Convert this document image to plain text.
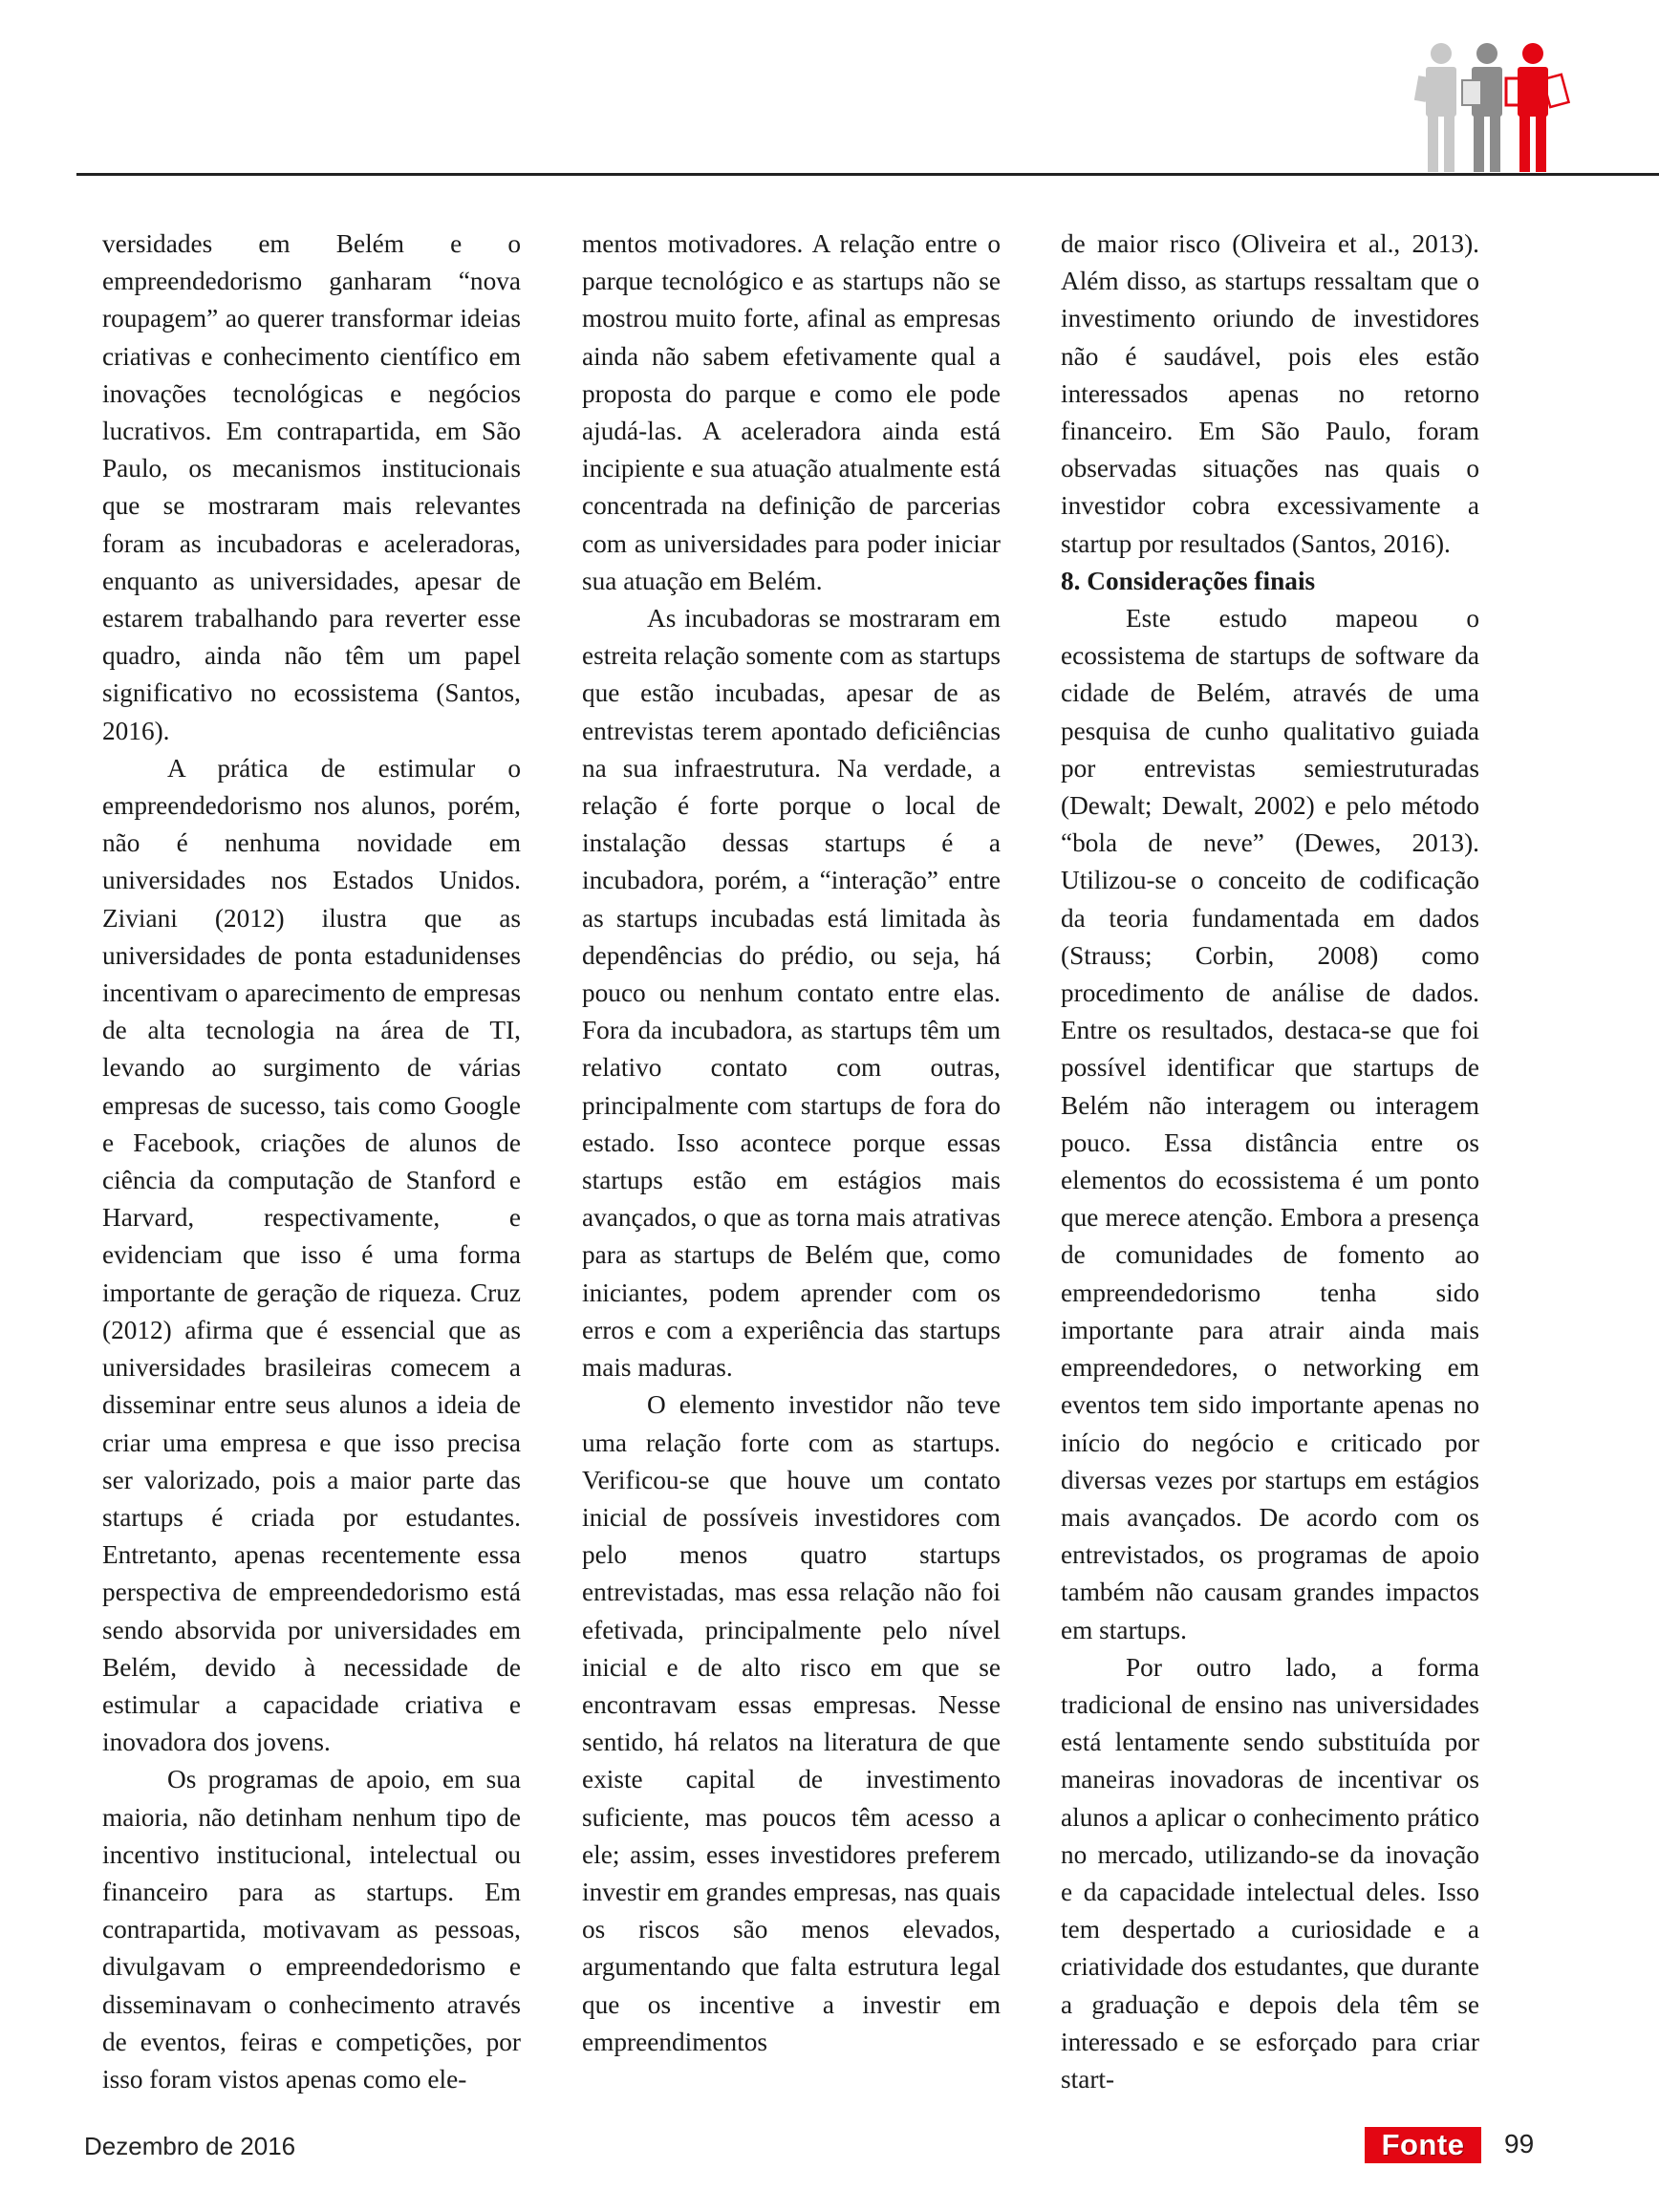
versidades em Belém e o empreendedorismo ganharam “nova roupagem” ao querer transformar ideias criativas e conhecimento científico em inovações tecnológicas e negócios lucrativos. Em contrapartida, em São Paulo, os mecanismos institucionais que se mostraram mais relevantes foram as incubadoras e aceleradoras, enquanto as universidades, apesar de estarem trabalhando para reverter esse quadro, ainda não têm um papel significativo no ecossistema (Santos, 2016).

A prática de estimular o empreendedorismo nos alunos, porém, não é nenhuma novidade em universidades nos Estados Unidos. Ziviani (2012) ilustra que as universidades de ponta estadunidenses incentivam o aparecimento de empresas de alta tecnologia na área de TI, levando ao surgimento de várias empresas de sucesso, tais como Google e Facebook, criações de alunos de ciência da computação de Stanford e Harvard, respectivamente, e evidenciam que isso é uma forma importante de geração de riqueza. Cruz (2012) afirma que é essencial que as universidades brasileiras comecem a disseminar entre seus alunos a ideia de criar uma empresa e que isso precisa ser valorizado, pois a maior parte das startups é criada por estudantes. Entretanto, apenas recentemente essa perspectiva de empreendedorismo está sendo absorvida por universidades em Belém, devido à necessidade de estimular a capacidade criativa e inovadora dos jovens.

Os programas de apoio, em sua maioria, não detinham nenhum tipo de incentivo institucional, intelectual ou financeiro para as startups. Em contrapartida, motivavam as pessoas, divulgavam o empreendedorismo e disseminavam o conhecimento através de eventos, feiras e competições, por isso foram vistos apenas como ele-

mentos motivadores. A relação entre o parque tecnológico e as startups não se mostrou muito forte, afinal as empresas ainda não sabem efetivamente qual a proposta do parque e como ele pode ajudá-las. A aceleradora ainda está incipiente e sua atuação atualmente está concentrada na definição de parcerias com as universidades para poder iniciar sua atuação em Belém.

As incubadoras se mostraram em estreita relação somente com as startups que estão incubadas, apesar de as entrevistas terem apontado deficiências na sua infraestrutura. Na verdade, a relação é forte porque o local de instalação dessas startups é a incubadora, porém, a “interação” entre as startups incubadas está limitada às dependências do prédio, ou seja, há pouco ou nenhum contato entre elas. Fora da incubadora, as startups têm um relativo contato com outras, principalmente com startups de fora do estado. Isso acontece porque essas startups estão em estágios mais avançados, o que as torna mais atrativas para as startups de Belém que, como iniciantes, podem aprender com os erros e com a experiência das startups mais maduras.

O elemento investidor não teve uma relação forte com as startups. Verificou-se que houve um contato inicial de possíveis investidores com pelo menos quatro startups entrevistadas, mas essa relação não foi efetivada, principalmente pelo nível inicial e de alto risco em que se encontravam essas empresas. Nesse sentido, há relatos na literatura de que existe capital de investimento suficiente, mas poucos têm acesso a ele; assim, esses investidores preferem investir em grandes empresas, nas quais os riscos são menos elevados, argumentando que falta estrutura legal que os incentive a investir em empreendimentos

de maior risco (Oliveira et al., 2013). Além disso, as startups ressaltam que o investimento oriundo de investidores não é saudável, pois eles estão interessados apenas no retorno financeiro. Em São Paulo, foram observadas situações nas quais o investidor cobra excessivamente a startup por resultados (Santos, 2016).

8. Considerações finais

Este estudo mapeou o ecossistema de startups de software da cidade de Belém, através de uma pesquisa de cunho qualitativo guiada por entrevistas semiestruturadas (Dewalt; Dewalt, 2002) e pelo método “bola de neve” (Dewes, 2013). Utilizou-se o conceito de codificação da teoria fundamentada em dados (Strauss; Corbin, 2008) como procedimento de análise de dados. Entre os resultados, destaca-se que foi possível identificar que startups de Belém não interagem ou interagem pouco. Essa distância entre os elementos do ecossistema é um ponto que merece atenção. Embora a presença de comunidades de fomento ao empreendedorismo tenha sido importante para atrair ainda mais empreendedores, o networking em eventos tem sido importante apenas no início do negócio e criticado por diversas vezes por startups em estágios mais avançados. De acordo com os entrevistados, os programas de apoio também não causam grandes impactos em startups.

Por outro lado, a forma tradicional de ensino nas universidades está lentamente sendo substituída por maneiras inovadoras de incentivar os alunos a aplicar o conhecimento prático no mercado, utilizando-se da inovação e da capacidade intelectual deles. Isso tem despertado a curiosidade e a criatividade dos estudantes, que durante a graduação e depois dela têm se interessado e se esforçado para criar start-

Dezembro de 2016	Fonte	99
